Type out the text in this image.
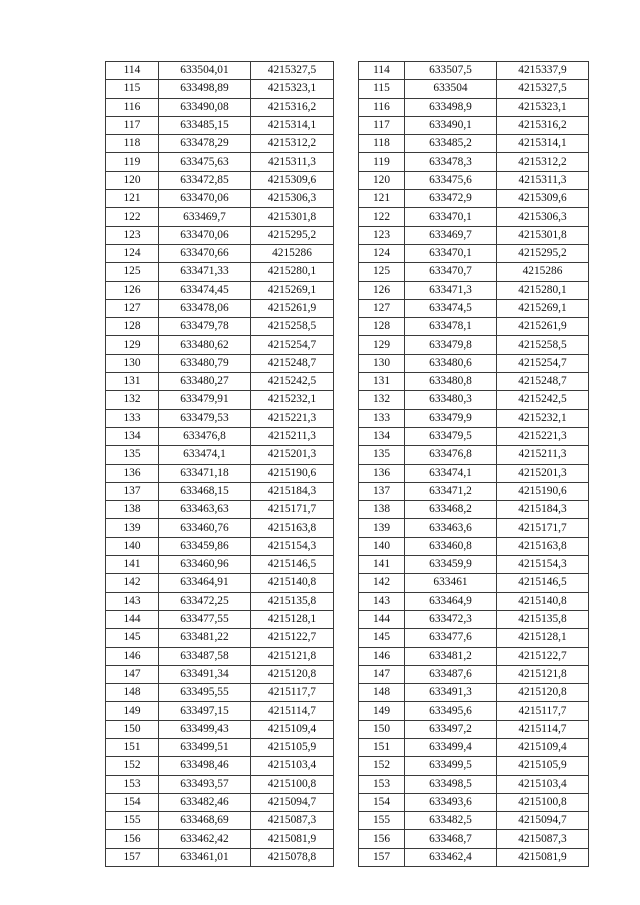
114	633504,01	4215327,5
115	633498,89	4215323,1
116	633490,08	4215316,2
117	633485,15	4215314,1
118	633478,29	4215312,2
119	633475,63	4215311,3
120	633472,85	4215309,6
121	633470,06	4215306,3
122	633469,7	4215301,8
123	633470,06	4215295,2
124	633470,66	4215286
125	633471,33	4215280,1
126	633474,45	4215269,1
127	633478,06	4215261,9
128	633479,78	4215258,5
129	633480,62	4215254,7
130	633480,79	4215248,7
131	633480,27	4215242,5
132	633479,91	4215232,1
133	633479,53	4215221,3
134	633476,8	4215211,3
135	633474,1	4215201,3
136	633471,18	4215190,6
137	633468,15	4215184,3
138	633463,63	4215171,7
139	633460,76	4215163,8
140	633459,86	4215154,3
141	633460,96	4215146,5
142	633464,91	4215140,8
143	633472,25	4215135,8
144	633477,55	4215128,1
145	633481,22	4215122,7
146	633487,58	4215121,8
147	633491,34	4215120,8
148	633495,55	4215117,7
149	633497,15	4215114,7
150	633499,43	4215109,4
151	633499,51	4215105,9
152	633498,46	4215103,4
153	633493,57	4215100,8
154	633482,46	4215094,7
155	633468,69	4215087,3
156	633462,42	4215081,9
157	633461,01	4215078,8
114	633507,5	4215337,9
115	633504	4215327,5
116	633498,9	4215323,1
117	633490,1	4215316,2
118	633485,2	4215314,1
119	633478,3	4215312,2
120	633475,6	4215311,3
121	633472,9	4215309,6
122	633470,1	4215306,3
123	633469,7	4215301,8
124	633470,1	4215295,2
125	633470,7	4215286
126	633471,3	4215280,1
127	633474,5	4215269,1
128	633478,1	4215261,9
129	633479,8	4215258,5
130	633480,6	4215254,7
131	633480,8	4215248,7
132	633480,3	4215242,5
133	633479,9	4215232,1
134	633479,5	4215221,3
135	633476,8	4215211,3
136	633474,1	4215201,3
137	633471,2	4215190,6
138	633468,2	4215184,3
139	633463,6	4215171,7
140	633460,8	4215163,8
141	633459,9	4215154,3
142	633461	4215146,5
143	633464,9	4215140,8
144	633472,3	4215135,8
145	633477,6	4215128,1
146	633481,2	4215122,7
147	633487,6	4215121,8
148	633491,3	4215120,8
149	633495,6	4215117,7
150	633497,2	4215114,7
151	633499,4	4215109,4
152	633499,5	4215105,9
153	633498,5	4215103,4
154	633493,6	4215100,8
155	633482,5	4215094,7
156	633468,7	4215087,3
157	633462,4	4215081,9
